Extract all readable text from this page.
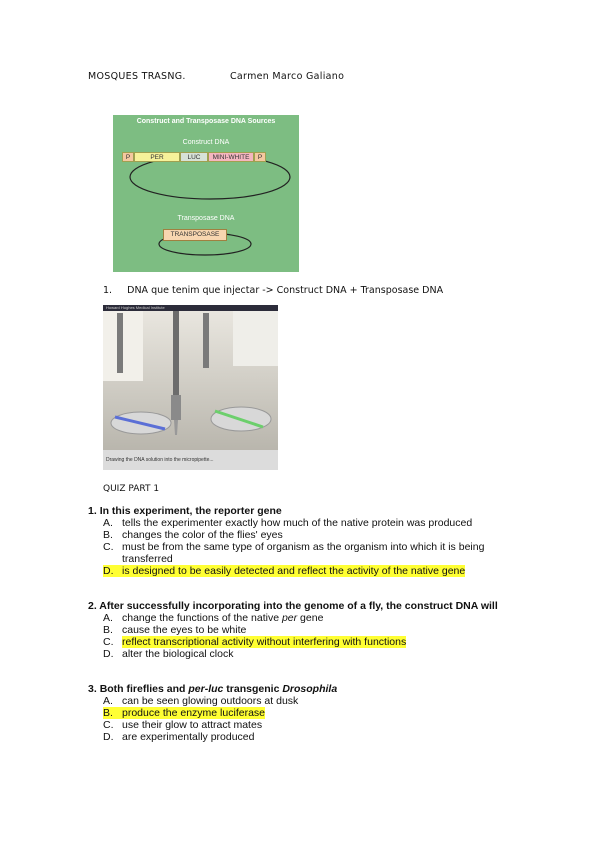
MOSQUES TRASNG.	Carmen Marco Galiano
Construct and Transposase DNA Sources
Construct DNA
P	PER	LUC	MINI-WHITE	P
Transposase DNA
TRANSPOSASE
1. DNA que tenim que injectar -> Construct DNA + Transposase DNA
Howard Hughes Medical Institute
Drawing the DNA solution into the micropipette...
QUIZ PART 1
1. In this experiment, the reporter gene
A. tells the experimenter exactly how much of the native protein was produced
B. changes the color of the flies' eyes
C. must be from the same type of organism as the organism into which it is being
transferred
D. is designed to be easily detected and reflect the activity of the native gene
2. After successfully incorporating into the genome of a fly, the construct DNA will
A. change the functions of the native per gene
B. cause the eyes to be white
C. reflect transcriptional activity without interfering with functions
D. alter the biological clock
3. Both fireflies and per-luc transgenic Drosophila
A. can be seen glowing outdoors at dusk
B. produce the enzyme luciferase
C. use their glow to attract mates
D. are experimentally produced
